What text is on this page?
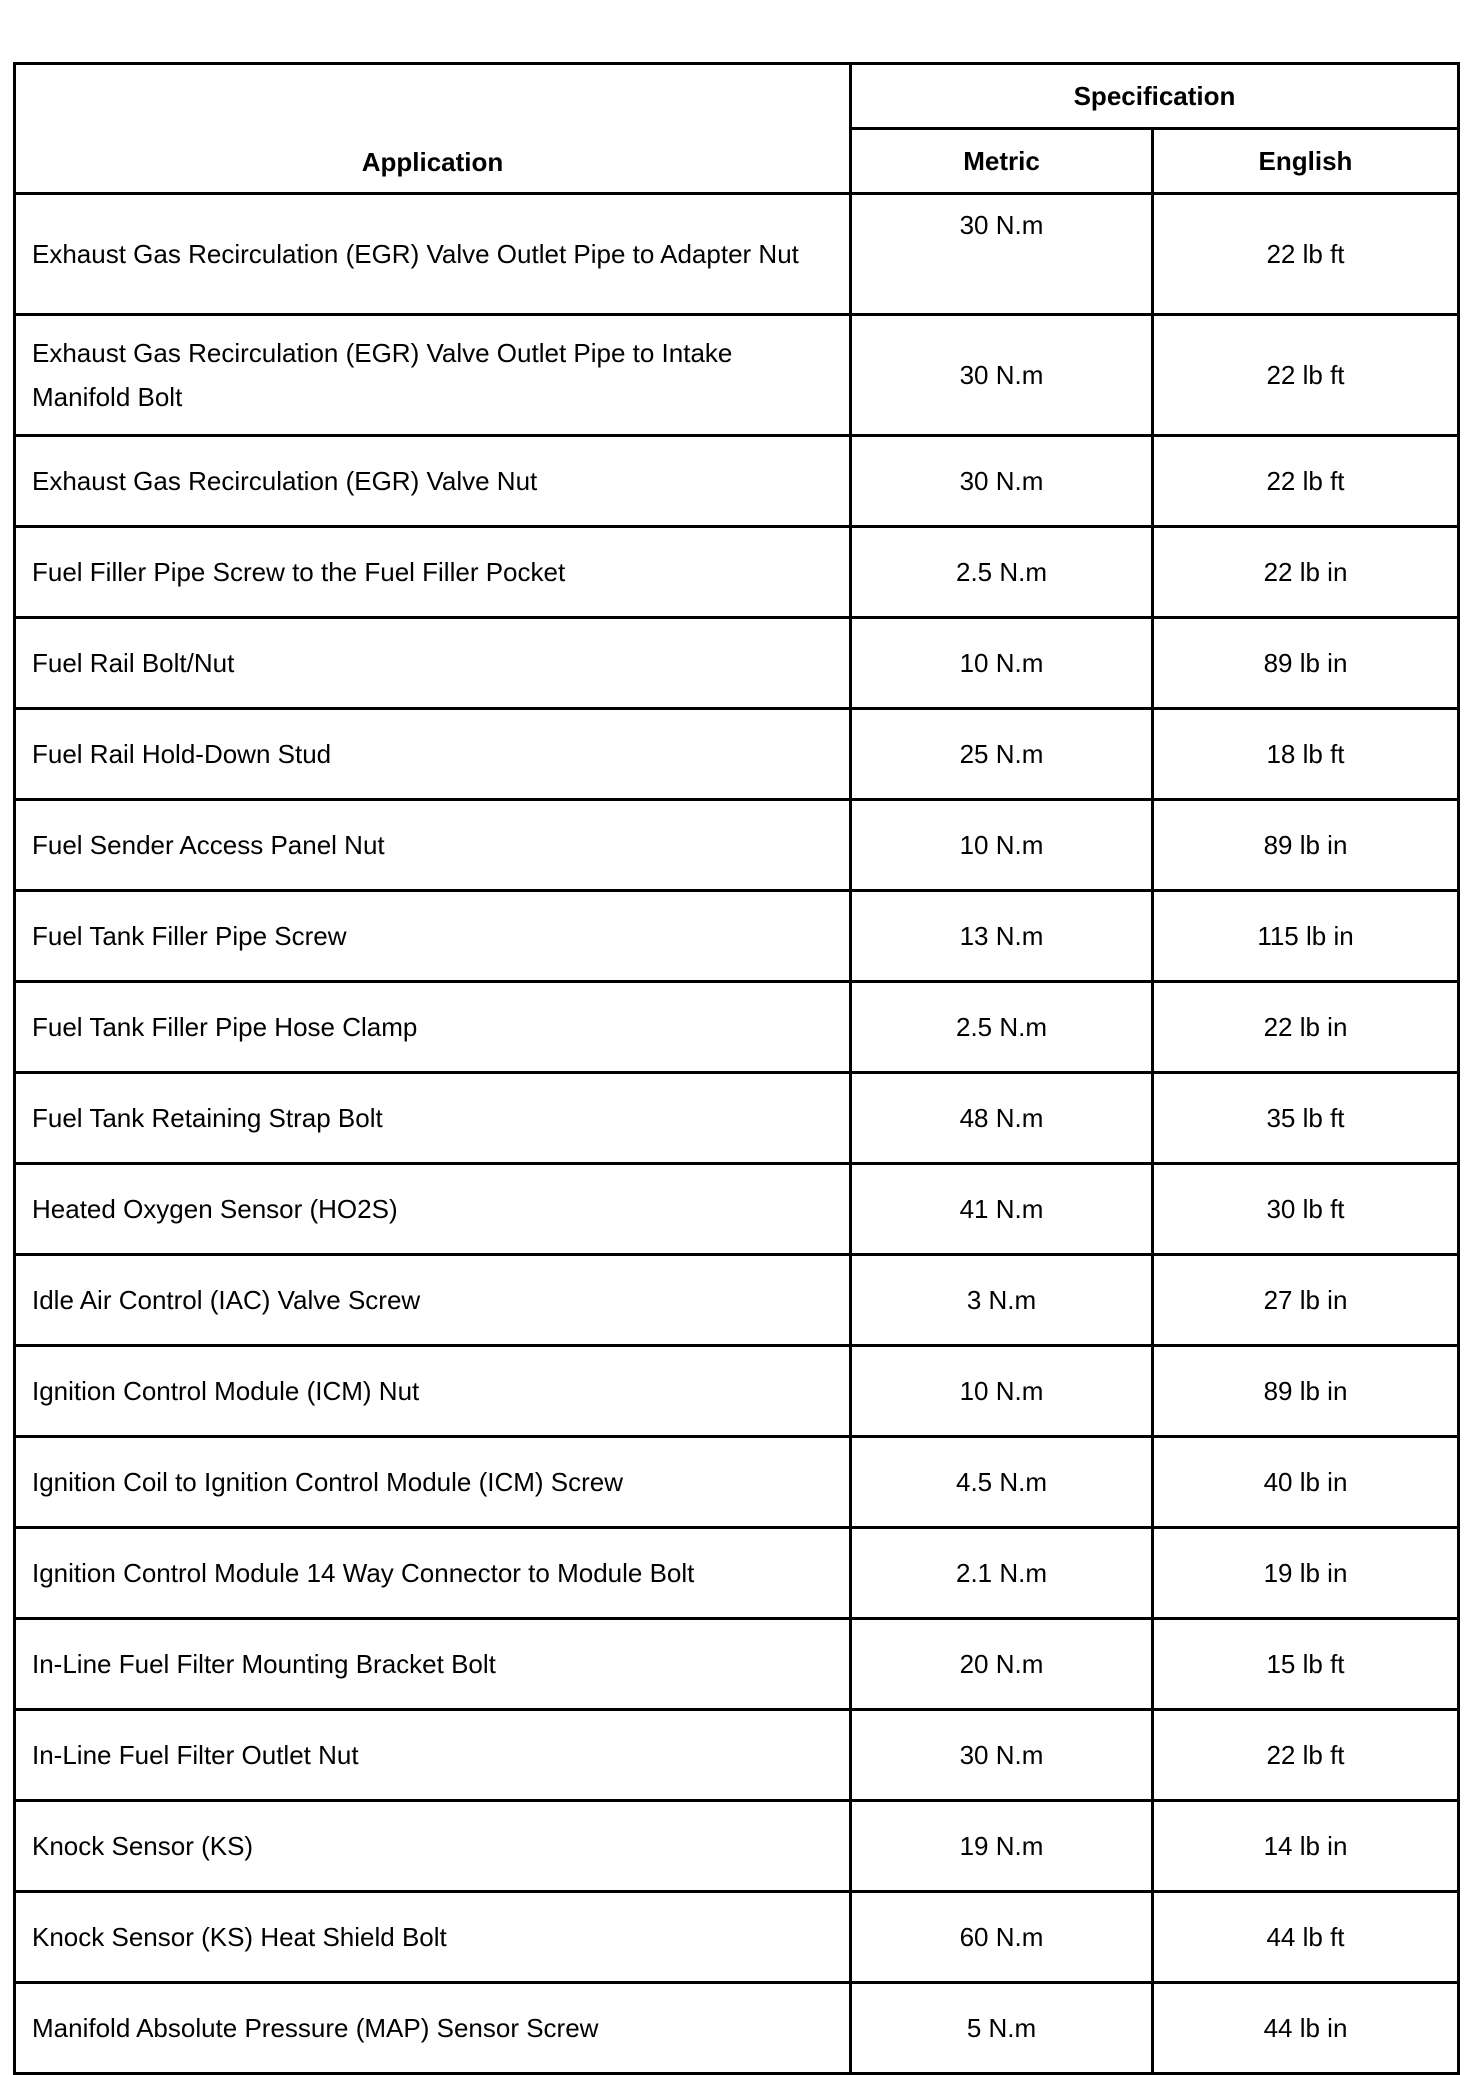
Application	Specification	
	Metric	English
Exhaust Gas Recirculation (EGR) Valve Outlet Pipe to Adapter Nut	30 N.m	22 lb ft
Exhaust Gas Recirculation (EGR) Valve Outlet Pipe to Intake Manifold Bolt	30 N.m	22 lb ft
Exhaust Gas Recirculation (EGR) Valve Nut	30 N.m	22 lb ft
Fuel Filler Pipe Screw to the Fuel Filler Pocket	2.5 N.m	22 lb in
Fuel Rail Bolt/Nut	10 N.m	89 lb in
Fuel Rail Hold-Down Stud	25 N.m	18 lb ft
Fuel Sender Access Panel Nut	10 N.m	89 lb in
Fuel Tank Filler Pipe Screw	13 N.m	115 lb in
Fuel Tank Filler Pipe Hose Clamp	2.5 N.m	22 lb in
Fuel Tank Retaining Strap Bolt	48 N.m	35 lb ft
Heated Oxygen Sensor (HO2S)	41 N.m	30 lb ft
Idle Air Control (IAC) Valve Screw	3 N.m	27 lb in
Ignition Control Module (ICM) Nut	10 N.m	89 lb in
Ignition Coil to Ignition Control Module (ICM) Screw	4.5 N.m	40 lb in
Ignition Control Module 14 Way Connector to Module Bolt	2.1 N.m	19 lb in
In-Line Fuel Filter Mounting Bracket Bolt	20 N.m	15 lb ft
In-Line Fuel Filter Outlet Nut	30 N.m	22 lb ft
Knock Sensor (KS)	19 N.m	14 lb in
Knock Sensor (KS) Heat Shield Bolt	60 N.m	44 lb ft
Manifold Absolute Pressure (MAP) Sensor Screw	5 N.m	44 lb in
